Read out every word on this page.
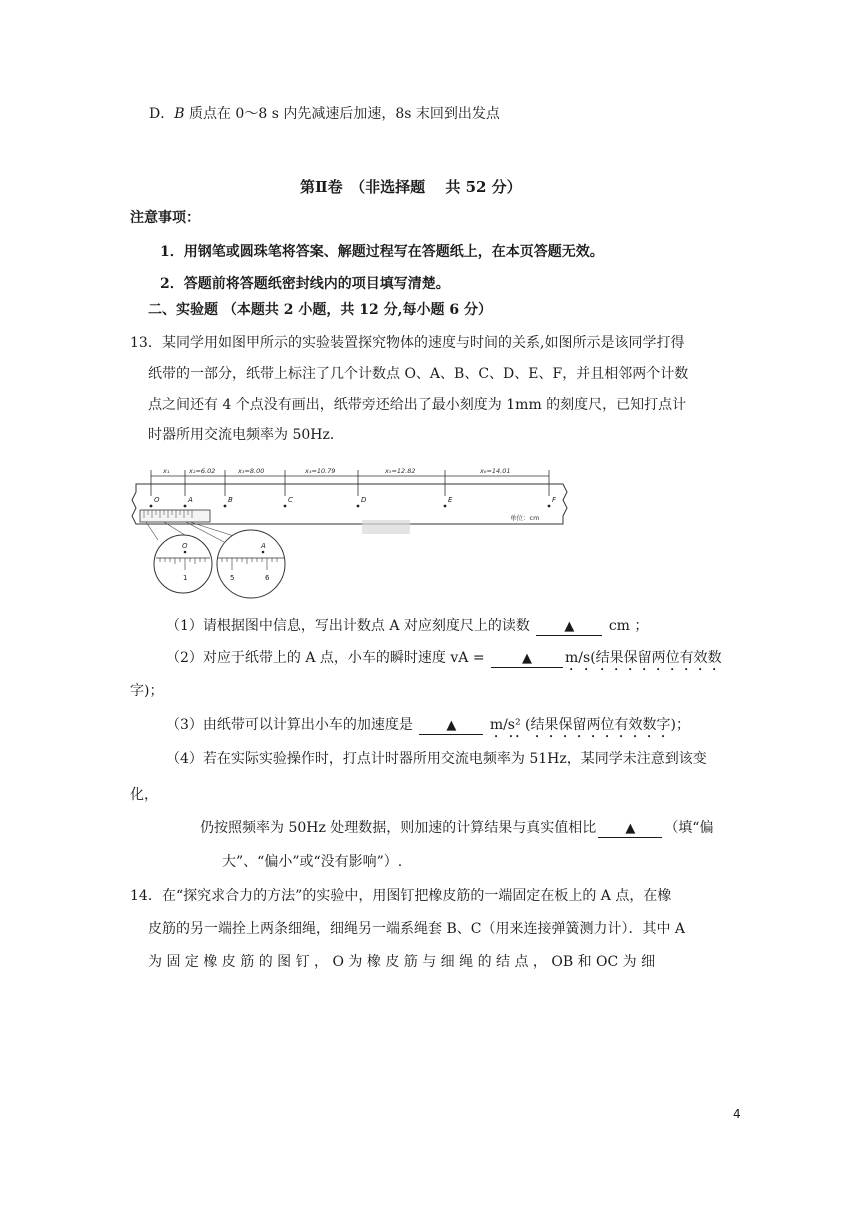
D．B 质点在 0～8 s 内先减速后加速，8s 末回到出发点
第Ⅱ卷　（非选择题　 共 52 分）
注意事项：
1．用钢笔或圆珠笔将答案、解题过程写在答题纸上，在本页答题无效。
2．答题前将答题纸密封线内的项目填写清楚。
二、实验题 （本题共 2 小题，共 12 分,每小题 6 分）
13． 某同学用如图甲所示的实验装置探究物体的速度与时间的关系,如图所示是该同学打得
纸带的一部分，纸带上标注了几个计数点 O、A、B、C、D、E、F，并且相邻两个计数
点之间还有 4 个点没有画出，纸带旁还给出了最小刻度为 1mm 的刻度尺，已知打点计
时器所用交流电频率为 50Hz．
x₁	x₂=6.02	x₃=8.00	x₄=10.79	x₅=12.82	x₆=14.01
O	A	B	C	D	E	F
单位：cm
O
1
A
5	6
（1）请根据图中信息，写出计数点 A 对应刻度尺上的读数	▲ cm ；
（2）对应于纸带上的 A 点，小车的瞬时速度 vA =	▲ m/s(结果保留两位有效数
字)；
（3）由纸带可以计算出小车的加速度是	▲ m/s² (结果保留两位有效数字)；
（4）若在实际实验操作时，打点计时器所用交流电频率为 51Hz，某同学未注意到该变
化，
仍按照频率为 50Hz 处理数据，则加速的计算结果与真实值相比 ▲ （填“偏
大”、“偏小”或“没有影响”）.
14． 在“探究求合力的方法”的实验中，用图钉把橡皮筋的一端固定在板上的 A 点，在橡
皮筋的另一端拴上两条细绳，细绳另一端系绳套 B、C（用来连接弹簧测力计）．其中 A
为 固 定 橡 皮 筋 的 图 钉 ， O 为 橡 皮 筋 与 细 绳 的 结 点 ， OB 和 OC 为 细
4
